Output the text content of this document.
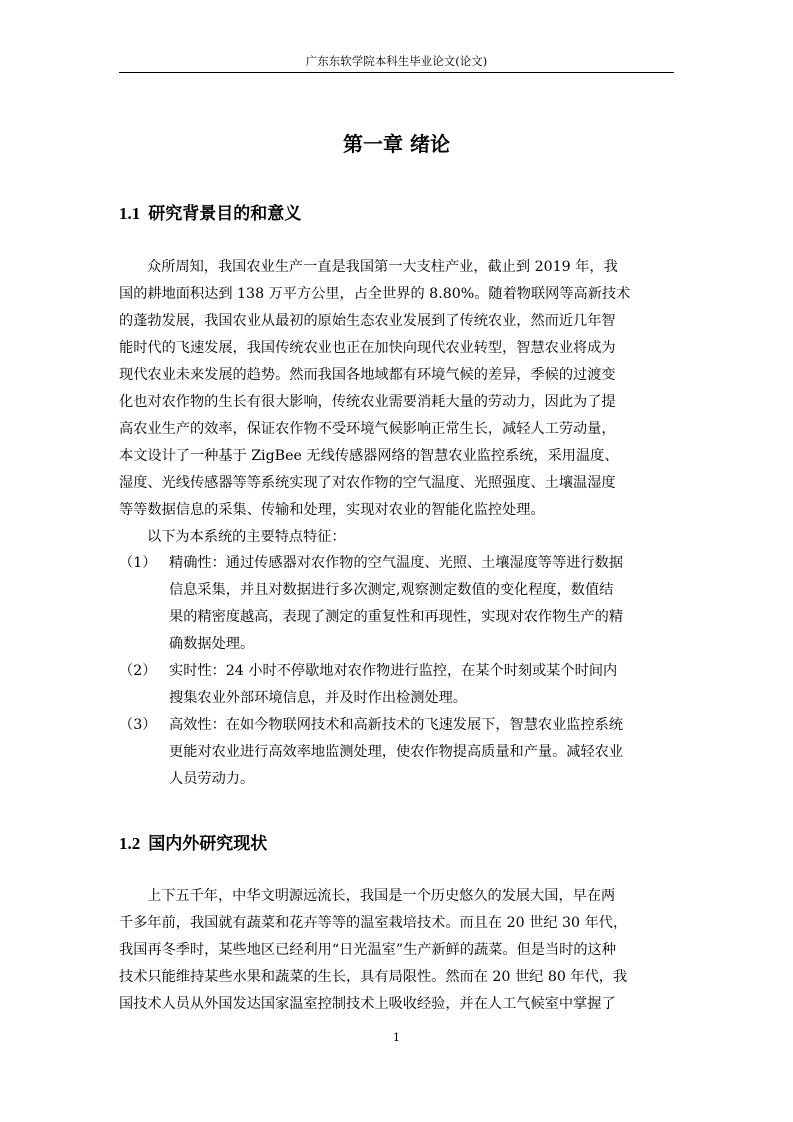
广东东软学院本科生毕业论文(论文)
第一章 绪论
1.1 研究背景目的和意义
众所周知，我国农业生产一直是我国第一大支柱产业，截止到 2019 年，我
国的耕地面积达到 138 万平方公里，占全世界的 8.80%。随着物联网等高新技术
的蓬勃发展，我国农业从最初的原始生态农业发展到了传统农业，然而近几年智
能时代的飞速发展，我国传统农业也正在加快向现代农业转型，智慧农业将成为
现代农业未来发展的趋势。然而我国各地域都有环境气候的差异，季候的过渡变
化也对农作物的生长有很大影响，传统农业需要消耗大量的劳动力，因此为了提
高农业生产的效率，保证农作物不受环境气候影响正常生长，减轻人工劳动量，
本文设计了一种基于 ZigBee 无线传感器网络的智慧农业监控系统，采用温度、
湿度、光线传感器等等系统实现了对农作物的空气温度、光照强度、土壤温湿度
等等数据信息的采集、传输和处理，实现对农业的智能化监控处理。
以下为本系统的主要特点特征：
（1） 精确性：通过传感器对农作物的空气温度、光照、土壤湿度等等进行数据
信息采集，并且对数据进行多次测定,观察测定数值的变化程度，数值结
果的精密度越高，表现了测定的重复性和再现性，实现对农作物生产的精
确数据处理。
（2） 实时性：24 小时不停歇地对农作物进行监控，在某个时刻或某个时间内
搜集农业外部环境信息，并及时作出检测处理。
（3） 高效性：在如今物联网技术和高新技术的飞速发展下，智慧农业监控系统
更能对农业进行高效率地监测处理，使农作物提高质量和产量。减轻农业
人员劳动力。
1.2 国内外研究现状
上下五千年，中华文明源远流长，我国是一个历史悠久的发展大国，早在两
千多年前，我国就有蔬菜和花卉等等的温室栽培技术。而且在 20 世纪 30 年代，
我国再冬季时，某些地区已经利用“日光温室”生产新鲜的蔬菜。但是当时的这种
技术只能维持某些水果和蔬菜的生长，具有局限性。然而在 20 世纪 80 年代，我
国技术人员从外国发达国家温室控制技术上吸收经验，并在人工气候室中掌握了
1
